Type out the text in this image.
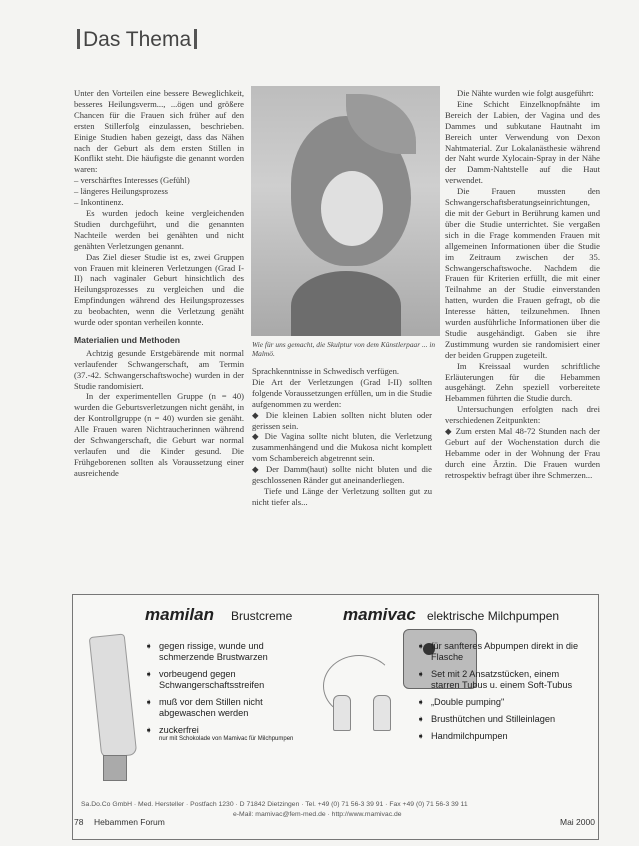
Das Thema

Unter den Vorteilen eine bessere Beweglichkeit, besseres Heilungsverm..., ...ögen und größere Chancen für die Frauen sich früher auf den ersten Stillerfolg einzulassen, beschrieben. Einige Studien haben gezeigt, dass das Nähen nach der Geburt als dem ersten Stillen in Konflikt steht. Die häufigste die genannt worden waren:

– verschärftes Interesses (Gefühl)
– längeres Heilungsprozess
– Inkontinenz.

Es wurden jedoch keine vergleichenden Studien durchgeführt, und die genannten Nachteile werden bei genähten und nicht genähten Verletzungen genannt.

Das Ziel dieser Studie ist es, zwei Gruppen von Frauen mit kleineren Verletzungen (Grad I-II) nach vaginaler Geburt hinsichtlich des Heilungsprozesses zu vergleichen und die Empfindungen während des Heilungsprozesses zu beobachten, wenn die Verletzung genäht wurde oder spontan verheilen konnte.

Materialien und Methoden

Achtzig gesunde Erstgebärende mit normal verlaufender Schwangerschaft, am Termin (37.-42. Schwangerschaftswoche) wurden in der Studie randomisiert.

In der experimentellen Gruppe (n = 40) wurden die Geburtsverletzungen nicht genäht, in der Kontrollgruppe (n = 40) wurden sie genäht. Alle Frauen waren Nichtraucherinnen während der Schwangerschaft, die Geburt war normal verlaufen und die Kinder gesund. Die Frühgeborenen sollten als Voraussetzung einer ausreichende

Wie für uns gemacht, die Skulptur von dem Künstlerpaar ... in Malmö.

Sprachkenntnisse in Schwedisch verfügen.

Die Art der Verletzungen (Grad I-II) sollten folgende Voraussetzungen erfüllen, um in die Studie aufgenommen zu werden:

◆ Die kleinen Labien sollten nicht bluten oder gerissen sein.
◆ Die Vagina sollte nicht bluten, die Verletzung zusammenhängend und die Mukosa nicht komplett vom Schambereich abgetrennt sein.
◆ Der Damm(haut) sollte nicht bluten und die geschlossenen Ränder gut aneinanderliegen.

Tiefe und Länge der Verletzung sollten gut zu nicht tiefer als...

Die Nähte wurden wie folgt ausgeführt:

Eine Schicht Einzelknopfnähte im Bereich der Labien, der Vagina und des Dammes und subkutane Hautnaht im Bereich unter Verwendung von Dexon Nahtmaterial. Zur Lokalanästhesie während der Naht wurde Xylocain-Spray in der Nähe der Damm-Nahtstelle auf die Haut verwendet.

Die Frauen mussten den Schwangerschaftsberatungseinrichtungen, die mit der Geburt in Berührung kamen und über die Studie unterrichtet. Sie vergaßen sich in die Frage kommenden Frauen mit allgemeinen Informationen über die Studie im Zeitraum zwischen der 35. Schwangerschaftswoche. Nachdem die Frauen für Kriterien erfüllt, die mit einer Teilnahme an der Studie einverstanden hatten, wurden die Frauen gefragt, ob die Interesse hätten, teilzunehmen. Ihnen wurden ausführliche Informationen über die Studie ausgehändigt. Gaben sie ihre Zustimmung wurden sie randomisiert einer der beiden Gruppen zugeteilt.

Im Kreissaal wurden schriftliche Erläuterungen für die Hebammen ausgehängt. Zehn speziell vorbereitete Hebammen führten die Studie durch.

Untersuchungen erfolgten nach drei verschiedenen Zeitpunkten:

◆ Zum ersten Mal 48-72 Stunden nach der Geburt auf der Wochenstation durch die Hebamme oder in der Wohnung der Frau durch eine Ärztin. Die Frauen wurden retrospektiv befragt über ihre Schmerzen...
mamilan Brustcreme	mamivac elektrische Milchpumpen
➧ gegen rissige, wunde und schmerzende Brustwarzen
➧ vorbeugend gegen Schwangerschaftsstreifen
➧ muß vor dem Stillen nicht abgewaschen werden
➧ zuckerfrei
nur mit Schokolade von Mamivac für Milchpumpen
➧ für sanfteres Abpumpen direkt in die Flasche
➧ Set mit 2 Ansatzstücken, einem starren Tubus u. einem Soft-Tubus
➧ „Double pumping"
➧ Brusthütchen und Stilleinlagen
➧ Handmilchpumpen
Sa.Do.Co GmbH · Med. Hersteller · Postfach 1230 · D 71842 Dietzingen · Tel. +49 (0) 71 56-3 39 91 · Fax +49 (0) 71 56-3 39 11
e-Mail: mamivac@fem-med.de · http://www.mamivac.de
78 Hebammen Forum	Mai 2000
